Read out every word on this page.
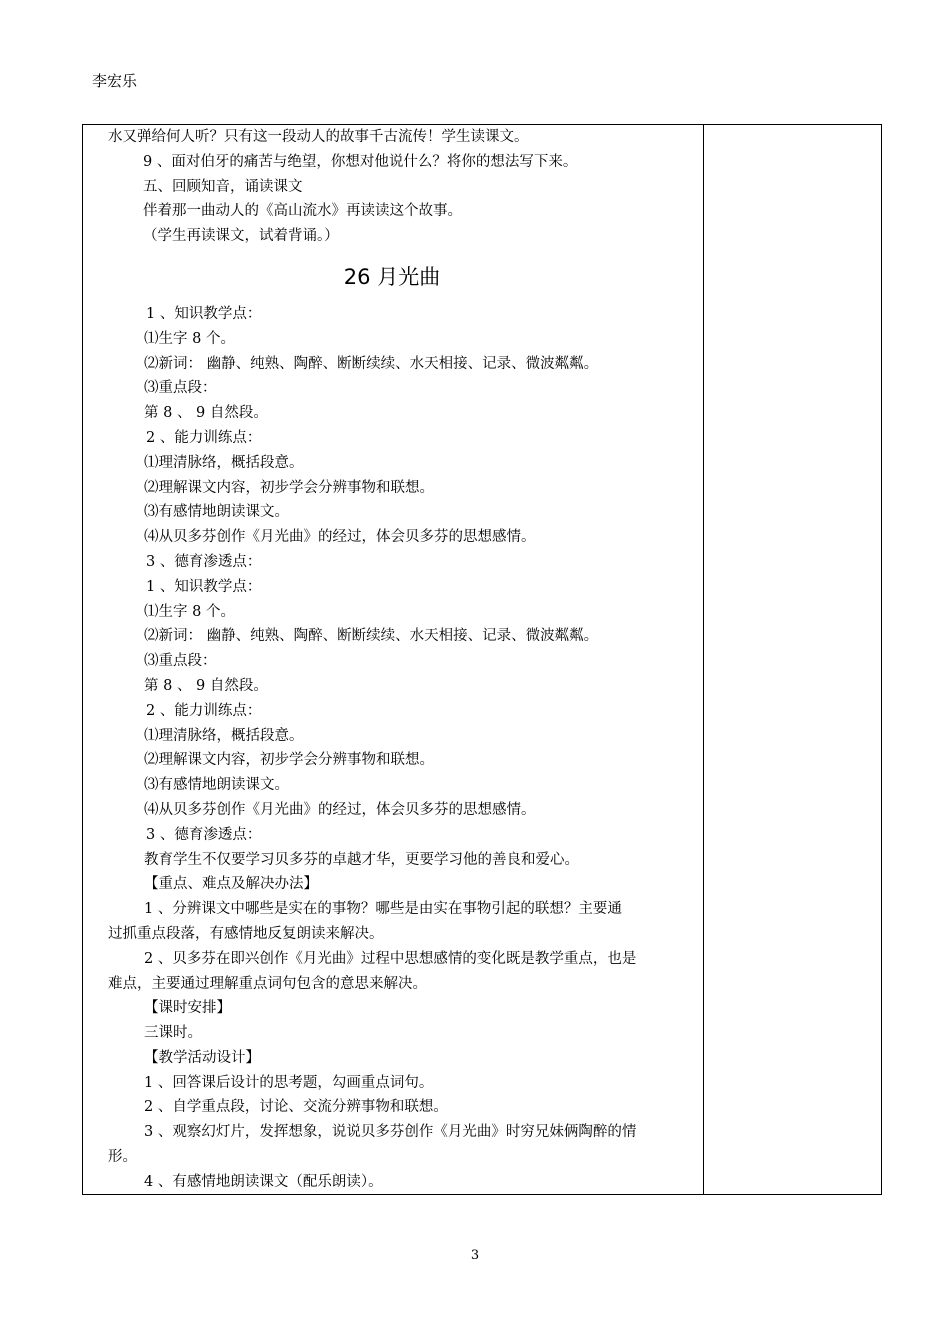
李宏乐
水又弹给何人听？只有这一段动人的故事千古流传！学生读课文。
9 、面对伯牙的痛苦与绝望，你想对他说什么？将你的想法写下来。
五、回顾知音，诵读课文
伴着那一曲动人的《高山流水》再读读这个故事。
（学生再读课文，试着背诵。）
26 月光曲
1 、知识教学点：
⑴生字 8 个。
⑵新词： 幽静、纯熟、陶醉、断断续续、水天相接、记录、微波粼粼。
⑶重点段：
第 8 、 9 自然段。
2 、能力训练点：
⑴理清脉络，概括段意。
⑵理解课文内容，初步学会分辨事物和联想。
⑶有感情地朗读课文。
⑷从贝多芬创作《月光曲》的经过，体会贝多芬的思想感情。
3 、德育渗透点：
1 、知识教学点：
⑴生字 8 个。
⑵新词： 幽静、纯熟、陶醉、断断续续、水天相接、记录、微波粼粼。
⑶重点段：
第 8 、 9 自然段。
2 、能力训练点：
⑴理清脉络，概括段意。
⑵理解课文内容，初步学会分辨事物和联想。
⑶有感情地朗读课文。
⑷从贝多芬创作《月光曲》的经过，体会贝多芬的思想感情。
3 、德育渗透点：
教育学生不仅要学习贝多芬的卓越才华，更要学习他的善良和爱心。
【重点、难点及解决办法】
1 、分辨课文中哪些是实在的事物？哪些是由实在事物引起的联想？主要通
过抓重点段落，有感情地反复朗读来解决。
2 、贝多芬在即兴创作《月光曲》过程中思想感情的变化既是教学重点，也是
难点，主要通过理解重点词句包含的意思来解决。
【课时安排】
三课时。
【教学活动设计】
1 、回答课后设计的思考题，勾画重点词句。
2 、自学重点段，讨论、交流分辨事物和联想。
3 、观察幻灯片，发挥想象，说说贝多芬创作《月光曲》时穷兄妹俩陶醉的情
形。
4 、有感情地朗读课文（配乐朗读）。
3
